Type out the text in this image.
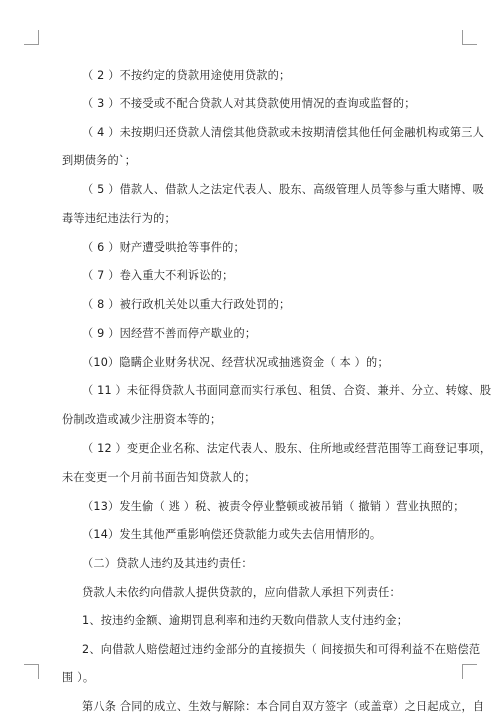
（ 2 ）不按约定的贷款用途使用贷款的；
（ 3 ）不接受或不配合贷款人对其贷款使用情况的查询或监督的；
（ 4 ）未按期归还贷款人清偿其他贷款或未按期清偿其他任何金融机构或第三人
到期债务的`；
（ 5 ）借款人、借款人之法定代表人、股东、高级管理人员等参与重大赌博、吸
毒等违纪违法行为的；
（ 6 ）财产遭受哄抢等事件的；
（ 7 ）卷入重大不利诉讼的；
（ 8 ）被行政机关处以重大行政处罚的；
（ 9 ）因经营不善而停产歇业的；
（10）隐瞒企业财务状况、经营状况或抽逃资金（ 本 ）的；
（ 11 ）未征得贷款人书面同意而实行承包、租赁、合资、兼并、分立、转嫁、股
份制改造或减少注册资本等的；
（ 12 ）变更企业名称、法定代表人、股东、住所地或经营范围等工商登记事项，
未在变更一个月前书面告知贷款人的；
（13）发生偷（ 逃 ）税、被责令停业整顿或被吊销（ 撤销 ）营业执照的；
（14）发生其他严重影响偿还贷款能力或失去信用情形的。
（二）贷款人违约及其违约责任：
贷款人未依约向借款人提供贷款的，应向借款人承担下列责任：
1、按违约金额、逾期罚息利率和违约天数向借款人支付违约金；
2、向借款人赔偿超过违约金部分的直接损失（ 间接损失和可得利益不在赔偿范
围 ）。
第八条 合同的成立、生效与解除：本合同自双方签字（或盖章）之日起成立，自
